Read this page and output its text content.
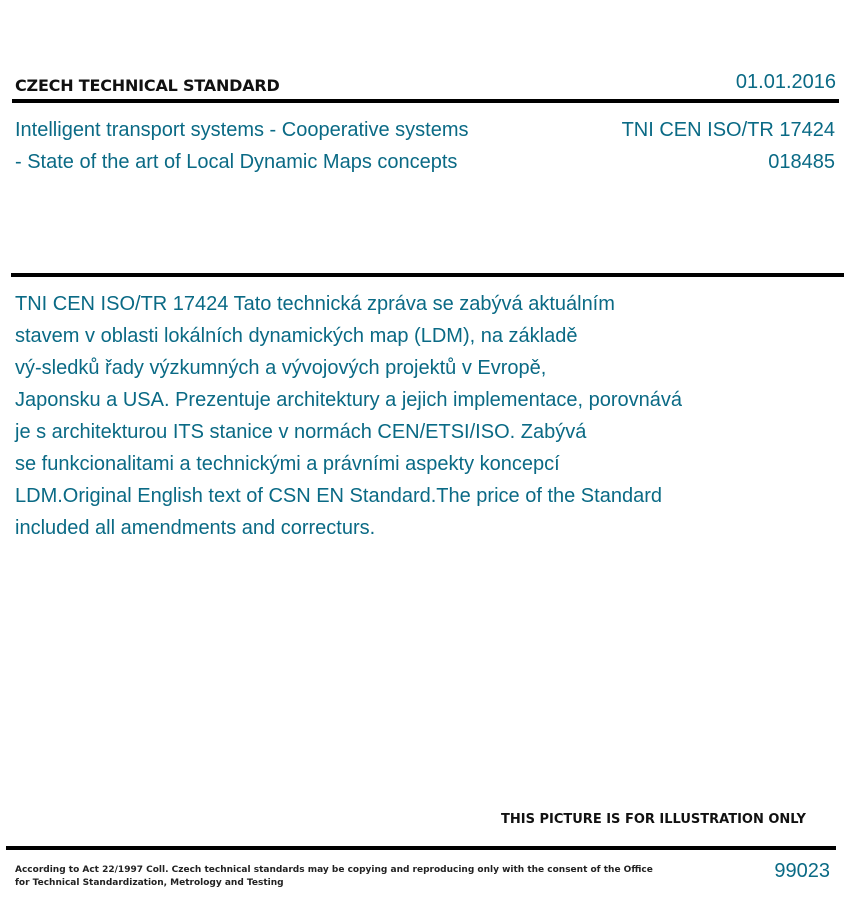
CZECH TECHNICAL STANDARD	01.01.2016
Intelligent transport systems - Cooperative systems
- State of the art of Local Dynamic Maps concepts
TNI CEN ISO/TR 17424
018485
TNI CEN ISO/TR 17424 Tato technická zpráva se zabývá aktuálním
stavem v oblasti lokálních dynamických map (LDM), na základě
vý-sledků řady výzkumných a vývojových projektů v Evropě,
Japonsku a USA. Prezentuje architektury a jejich implementace, porovnává
je s architekturou ITS stanice v normách CEN/ETSI/ISO. Zabývá
se funkcionalitami a technickými a právními aspekty koncepcí
LDM.Original English text of CSN EN Standard.The price of the Standard
included all amendments and correcturs.
THIS PICTURE IS FOR ILLUSTRATION ONLY
According to Act 22/1997 Coll. Czech technical standards may be copying and reproducing only with the consent of the Office
for Technical Standardization, Metrology and Testing
99023
